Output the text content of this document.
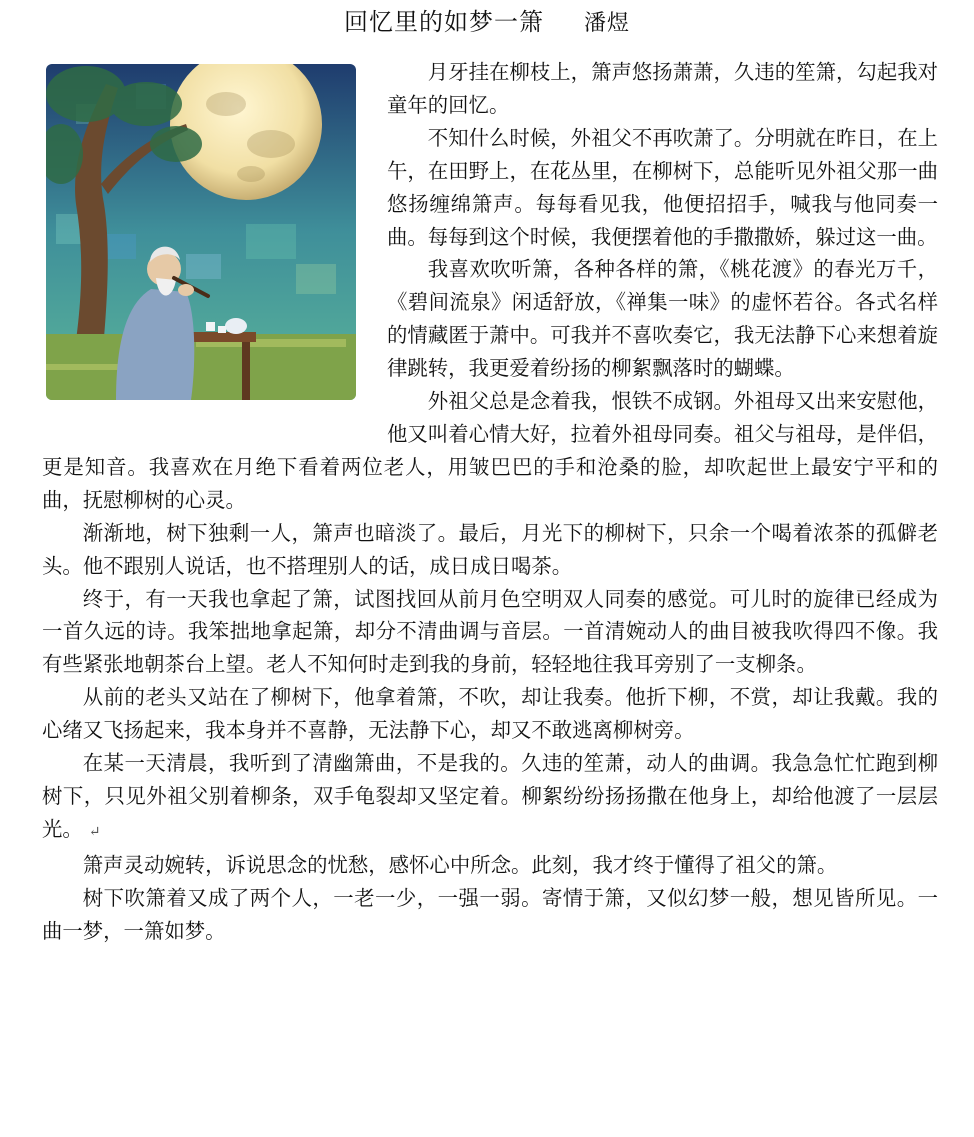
回忆里的如梦一箫 潘煜

月牙挂在柳枝上，箫声悠扬萧萧，久违的笙箫，勾起我对童年的回忆。

不知什么时候，外祖父不再吹萧了。分明就在昨日，在上午，在田野上，在花丛里，在柳树下，总能听见外祖父那一曲悠扬缠绵箫声。每每看见我，他便招招手，喊我与他同奏一曲。每每到这个时候，我便摆着他的手撒撒娇，躲过这一曲。

我喜欢吹听箫，各种各样的箫，《桃花渡》的春光万千，《碧间流泉》闲适舒放，《禅集一味》的虚怀若谷。各式名样的情藏匿于萧中。可我并不喜吹奏它，我无法静下心来想着旋律跳转，我更爱着纷扬的柳絮飘落时的蝴蝶。

外祖父总是念着我，恨铁不成钢。外祖母又出来安慰他，他又叫着心情大好，拉着外祖母同奏。祖父与祖母，是伴侣，更是知音。我喜欢在月绝下看着两位老人，用皱巴巴的手和沧桑的脸，却吹起世上最安宁平和的曲，抚慰柳树的心灵。

渐渐地，树下独剩一人，箫声也暗淡了。最后，月光下的柳树下，只余一个喝着浓茶的孤僻老头。他不跟别人说话，也不搭理别人的话，成日成日喝茶。

终于，有一天我也拿起了箫，试图找回从前月色空明双人同奏的感觉。可儿时的旋律已经成为一首久远的诗。我笨拙地拿起箫，却分不清曲调与音层。一首清婉动人的曲目被我吹得四不像。我有些紧张地朝茶台上望。老人不知何时走到我的身前，轻轻地往我耳旁别了一支柳条。

从前的老头又站在了柳树下，他拿着箫，不吹，却让我奏。他折下柳，不赏，却让我戴。我的心绪又飞扬起来，我本身并不喜静，无法静下心，却又不敢逃离柳树旁。

在某一天清晨，我听到了清幽箫曲，不是我的。久违的笙萧，动人的曲调。我急急忙忙跑到柳树下，只见外祖父别着柳条，双手龟裂却又坚定着。柳絮纷纷扬扬撒在他身上，却给他渡了一层层光。 ↵

箫声灵动婉转，诉说思念的忧愁，感怀心中所念。此刻，我才终于懂得了祖父的箫。

树下吹箫着又成了两个人，一老一少，一强一弱。寄情于箫，又似幻梦一般，想见皆所见。一曲一梦，一箫如梦。
